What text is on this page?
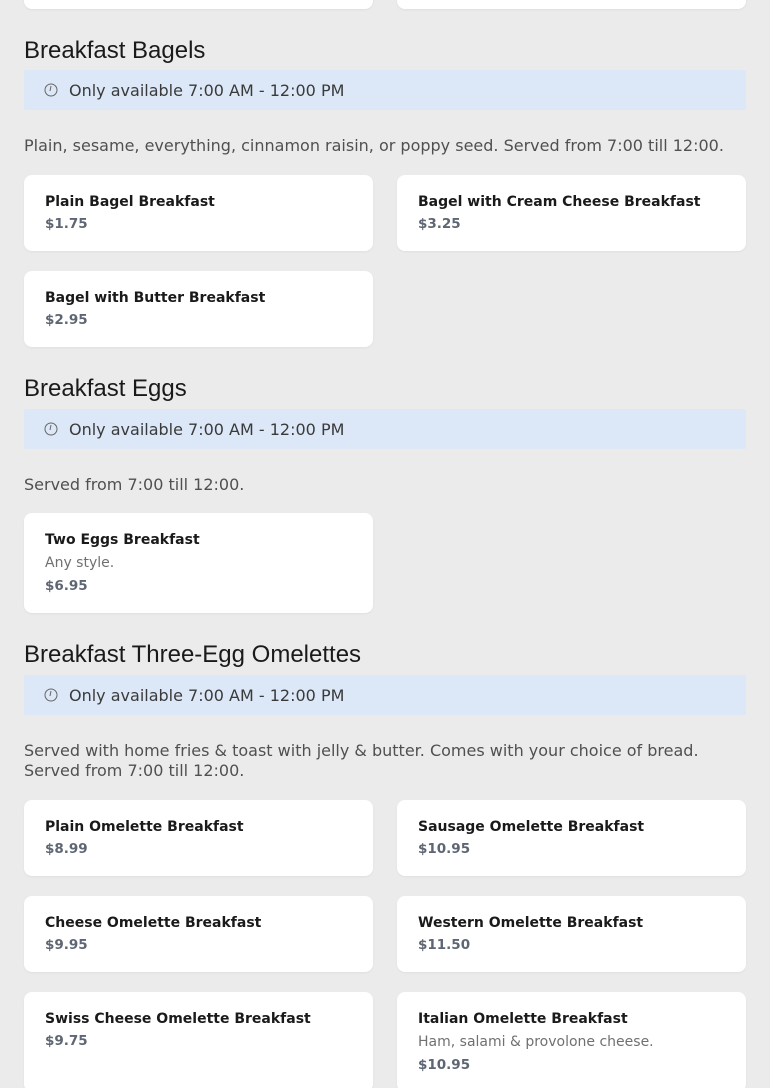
Breakfast Bagels
Only available 7:00 AM - 12:00 PM
Plain, sesame, everything, cinnamon raisin, or poppy seed. Served from 7:00 till 12:00.
Plain Bagel Breakfast
$1.75
Bagel with Cream Cheese Breakfast
$3.25
Bagel with Butter Breakfast
$2.95
Breakfast Eggs
Only available 7:00 AM - 12:00 PM
Served from 7:00 till 12:00.
Two Eggs Breakfast
Any style.
$6.95
Breakfast Three-Egg Omelettes
Only available 7:00 AM - 12:00 PM
Served with home fries & toast with jelly & butter. Comes with your choice of bread. Served from 7:00 till 12:00.
Plain Omelette Breakfast
$8.99
Sausage Omelette Breakfast
$10.95
Cheese Omelette Breakfast
$9.95
Western Omelette Breakfast
$11.50
Swiss Cheese Omelette Breakfast
$9.75
Italian Omelette Breakfast
Ham, salami & provolone cheese.
$10.95
